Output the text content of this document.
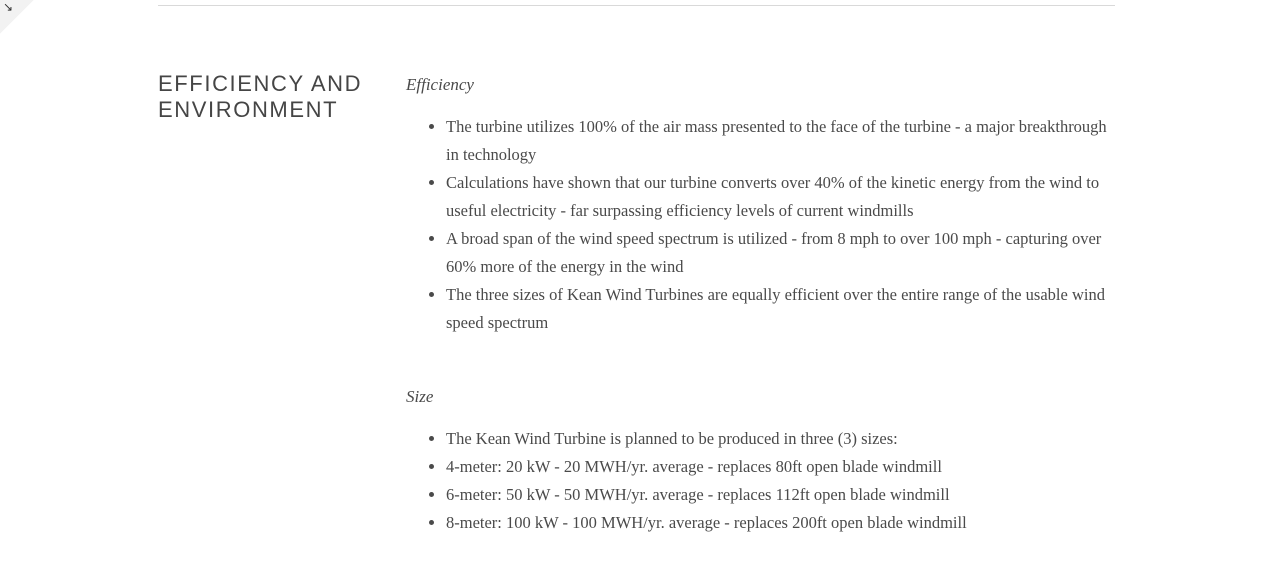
↘
EFFICIENCY AND
ENVIRONMENT

Efficiency

• The turbine utilizes 100% of the air mass presented to the face of the turbine - a major breakthrough in technology
• Calculations have shown that our turbine converts over 40% of the kinetic energy from the wind to useful electricity - far surpassing efficiency levels of current windmills
• A broad span of the wind speed spectrum is utilized - from 8 mph to over 100 mph - capturing over 60% more of the energy in the wind
• The three sizes of Kean Wind Turbines are equally efficient over the entire range of the usable wind speed spectrum

Size

• The Kean Wind Turbine is planned to be produced in three (3) sizes:
• 4-meter: 20 kW - 20 MWH/yr. average - replaces 80ft open blade windmill
• 6-meter: 50 kW - 50 MWH/yr. average - replaces 112ft open blade windmill
• 8-meter: 100 kW - 100 MWH/yr. average - replaces 200ft open blade windmill
